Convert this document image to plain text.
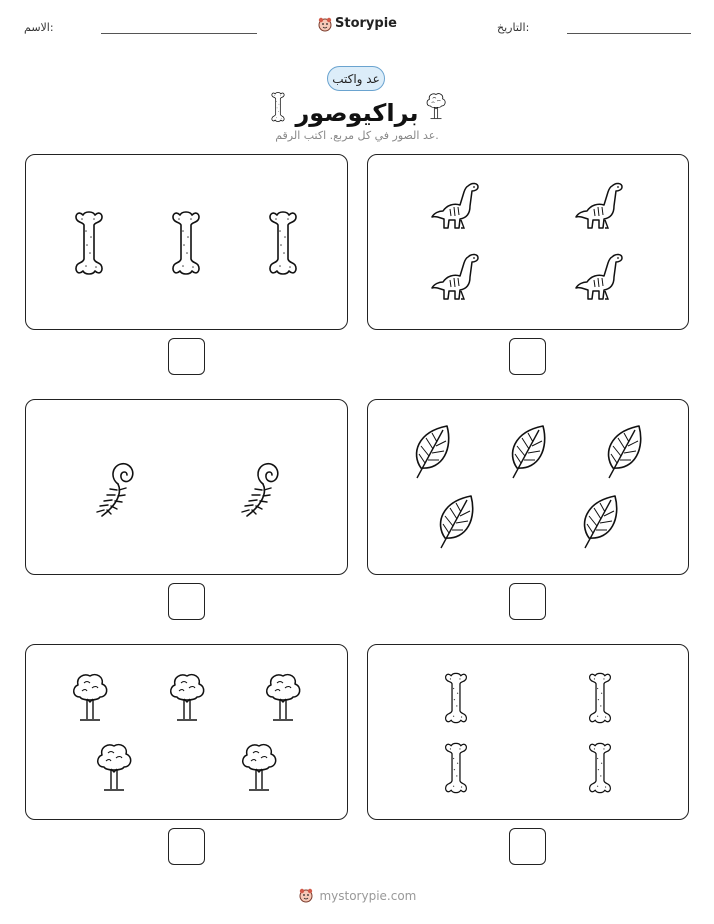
الاسم:	Storypie	التاريخ:
عد واكتب
براكيوصور
عد الصور في كل مربع. اكتب الرقم.
mystorypie.com
